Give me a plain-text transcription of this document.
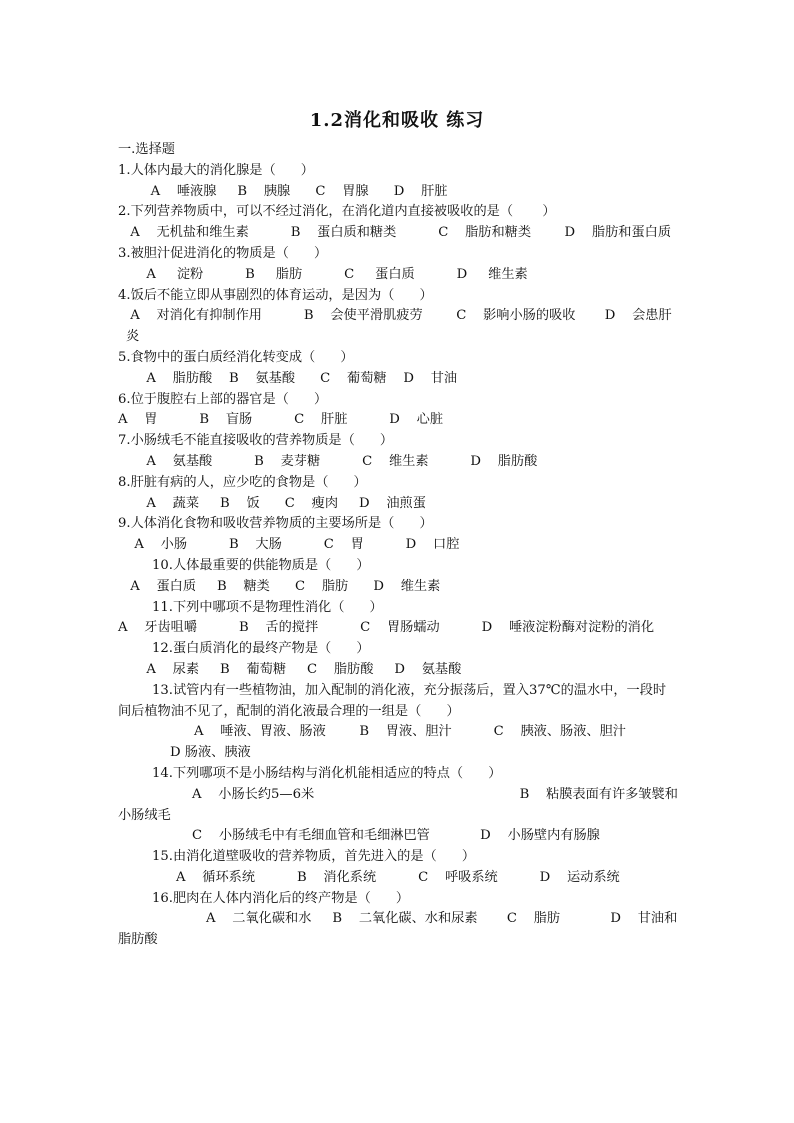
1.2消化和吸收 练习
一.选择题
1.人体内最大的消化腺是（      ）
A    唾液腺     B    胰腺      C    胃腺      D    肝脏
2.下列营养物质中，可以不经过消化，在消化道内直接被吸收的是（       ）
A    无机盐和维生素          B    蛋白质和糖类          C    脂肪和糖类        D    脂肪和蛋白质
3.被胆汁促进消化的物质是（      ）
A     淀粉          B     脂肪          C     蛋白质          D     维生素
4.饭后不能立即从事剧烈的体育运动，是因为（      ）
A    对消化有抑制作用          B    会使平滑肌疲劳        C    影响小肠的吸收       D    会患肝炎
5.食物中的蛋白质经消化转变成（      ）
A    脂肪酸    B    氨基酸      C    葡萄糖    D    甘油
6.位于腹腔右上部的器官是（      ）
A    胃          B    盲肠          C    肝脏          D    心脏
7.小肠绒毛不能直接吸收的营养物质是（      ）
A    氨基酸          B    麦芽糖          C    维生素          D    脂肪酸
8.肝脏有病的人，应少吃的食物是（      ）
A    蔬菜     B    饭      C    瘦肉     D    油煎蛋
9.人体消化食物和吸收营养物质的主要场所是（      ）
A    小肠          B    大肠          C    胃          D    口腔
10.人体最重要的供能物质是（      ）
A    蛋白质     B    糖类      C    脂肪      D    维生素
11.下列中哪项不是物理性消化（      ）
A    牙齿咀嚼          B    舌的搅拌          C    胃肠蠕动          D    唾液淀粉酶对淀粉的消化
12.蛋白质消化的最终产物是（      ）
A    尿素     B    葡萄糖     C    脂肪酸     D    氨基酸
13.试管内有一些植物油，加入配制的消化液，充分振荡后，置入37℃的温水中，一段时间后植物油不见了，配制的消化液最合理的一组是（      ）
A    唾液、胃液、肠液        B    胃液、胆汁          C    胰液、肠液、胆汁
D 肠液、胰液
14.下列哪项不是小肠结构与消化机能相适应的特点（      ）
A    小肠长约5—6米                                                 B    粘膜表面有许多皱襞和小肠绒毛
C    小肠绒毛中有毛细血管和毛细淋巴管            D    小肠壁内有肠腺
15.由消化道壁吸收的营养物质，首先进入的是（      ）
A    循环系统          B    消化系统          C    呼吸系统          D    运动系统
16.肥肉在人体内消化后的终产物是（      ）
A    二氧化碳和水     B    二氧化碳、水和尿素       C    脂肪            D    甘油和脂肪酸
